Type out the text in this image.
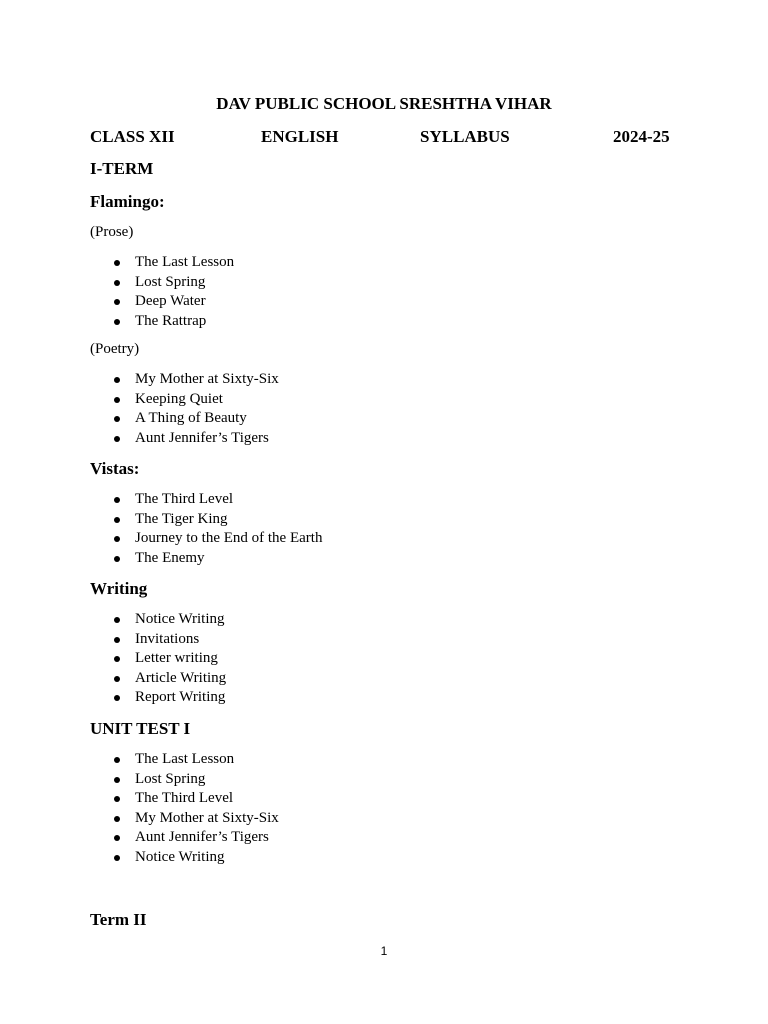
DAV PUBLIC SCHOOL SRESHTHA VIHAR
CLASS XII	ENGLISH	SYLLABUS	2024-25
I-TERM
Flamingo:
(Prose)
The Last Lesson
Lost Spring
Deep Water
The Rattrap
(Poetry)
My Mother at Sixty-Six
Keeping Quiet
A Thing of Beauty
Aunt Jennifer’s Tigers
Vistas:
The Third Level
The Tiger King
Journey to the End of the Earth
The Enemy
Writing
Notice Writing
Invitations
Letter writing
Article Writing
Report Writing
UNIT TEST I
The Last Lesson
Lost Spring
The Third Level
My Mother at Sixty-Six
Aunt Jennifer’s Tigers
Notice Writing
Term II
1
